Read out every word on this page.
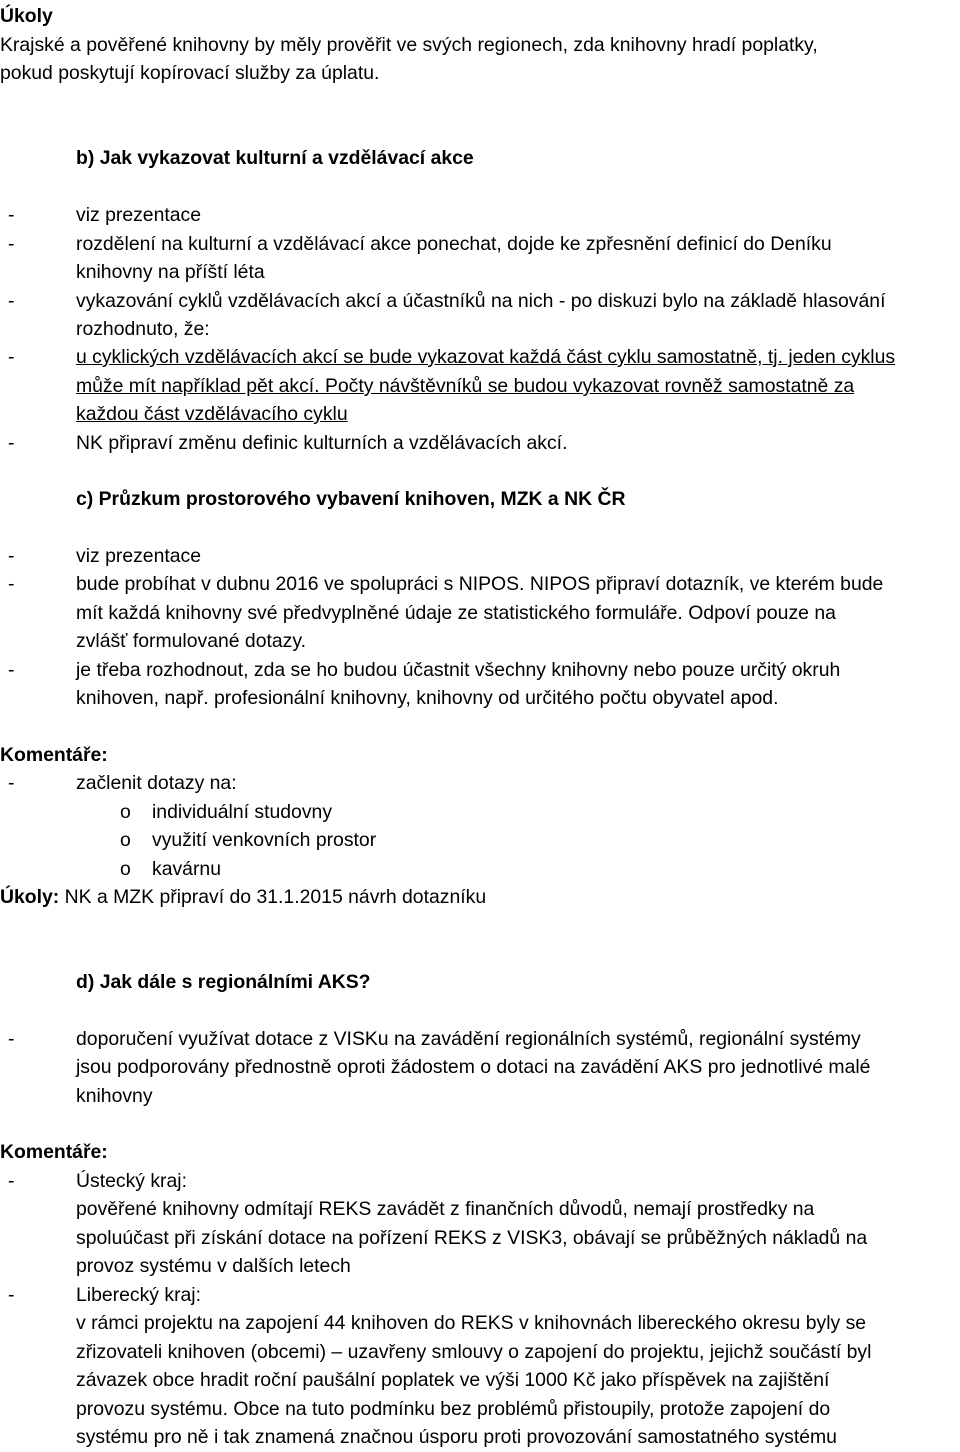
Úkoly
Krajské a pověřené knihovny by měly prověřit ve svých regionech, zda knihovny hradí poplatky,
pokud poskytují kopírovací služby za úplatu.
b) Jak vykazovat kulturní a vzdělávací akce
-	viz prezentace
-	rozdělení na kulturní a vzdělávací akce ponechat, dojde ke zpřesnění definicí do Deníku
knihovny na příští léta
-	vykazování cyklů vzdělávacích akcí a účastníků na nich - po diskuzi bylo na základě hlasování
rozhodnuto, že:
-	u cyklických vzdělávacích akcí se bude vykazovat každá část cyklu samostatně, tj. jeden cyklus
může mít například pět akcí. Počty návštěvníků se budou vykazovat rovněž samostatně za
každou část vzdělávacího cyklu
-	NK připraví změnu definic kulturních a vzdělávacích akcí.
c) Průzkum prostorového vybavení knihoven, MZK a NK ČR
-	viz prezentace
-	bude probíhat v dubnu 2016 ve spolupráci s NIPOS. NIPOS připraví dotazník, ve kterém bude
mít každá knihovny své předvyplněné údaje ze statistického formuláře. Odpoví pouze na
zvlášť formulované dotazy.
-	je třeba rozhodnout, zda se ho budou účastnit všechny knihovny nebo pouze určitý okruh
knihoven, např. profesionální knihovny, knihovny od určitého počtu obyvatel apod.
Komentáře:
-	začlenit dotazy na:
o individuální studovny
o využití venkovních prostor
o kavárnu
Úkoly: NK a MZK připraví do 31.1.2015 návrh dotazníku
d) Jak dále s regionálními AKS?
-	doporučení využívat dotace z VISKu na zavádění regionálních systémů, regionální systémy
jsou podporovány přednostně oproti žádostem o dotaci na zavádění AKS pro jednotlivé malé
knihovny
Komentáře:
-	Ústecký kraj:
pověřené knihovny odmítají REKS zavádět z finančních důvodů, nemají prostředky na
spoluúčast při získání dotace na pořízení REKS z VISK3, obávají se průběžných nákladů na
provoz systému v dalších letech
-	Liberecký kraj:
v rámci projektu na zapojení 44 knihoven do REKS v knihovnách libereckého okresu byly se
zřizovateli knihoven (obcemi) – uzavřeny smlouvy o zapojení do projektu, jejichž součástí byl
závazek obce hradit roční paušální poplatek ve výši 1000 Kč jako příspěvek na zajištění
provozu systému. Obce na tuto podmínku bez problémů přistoupily, protože zapojení do
systému pro ně i tak znamená značnou úsporu proti provozování samostatného systému
